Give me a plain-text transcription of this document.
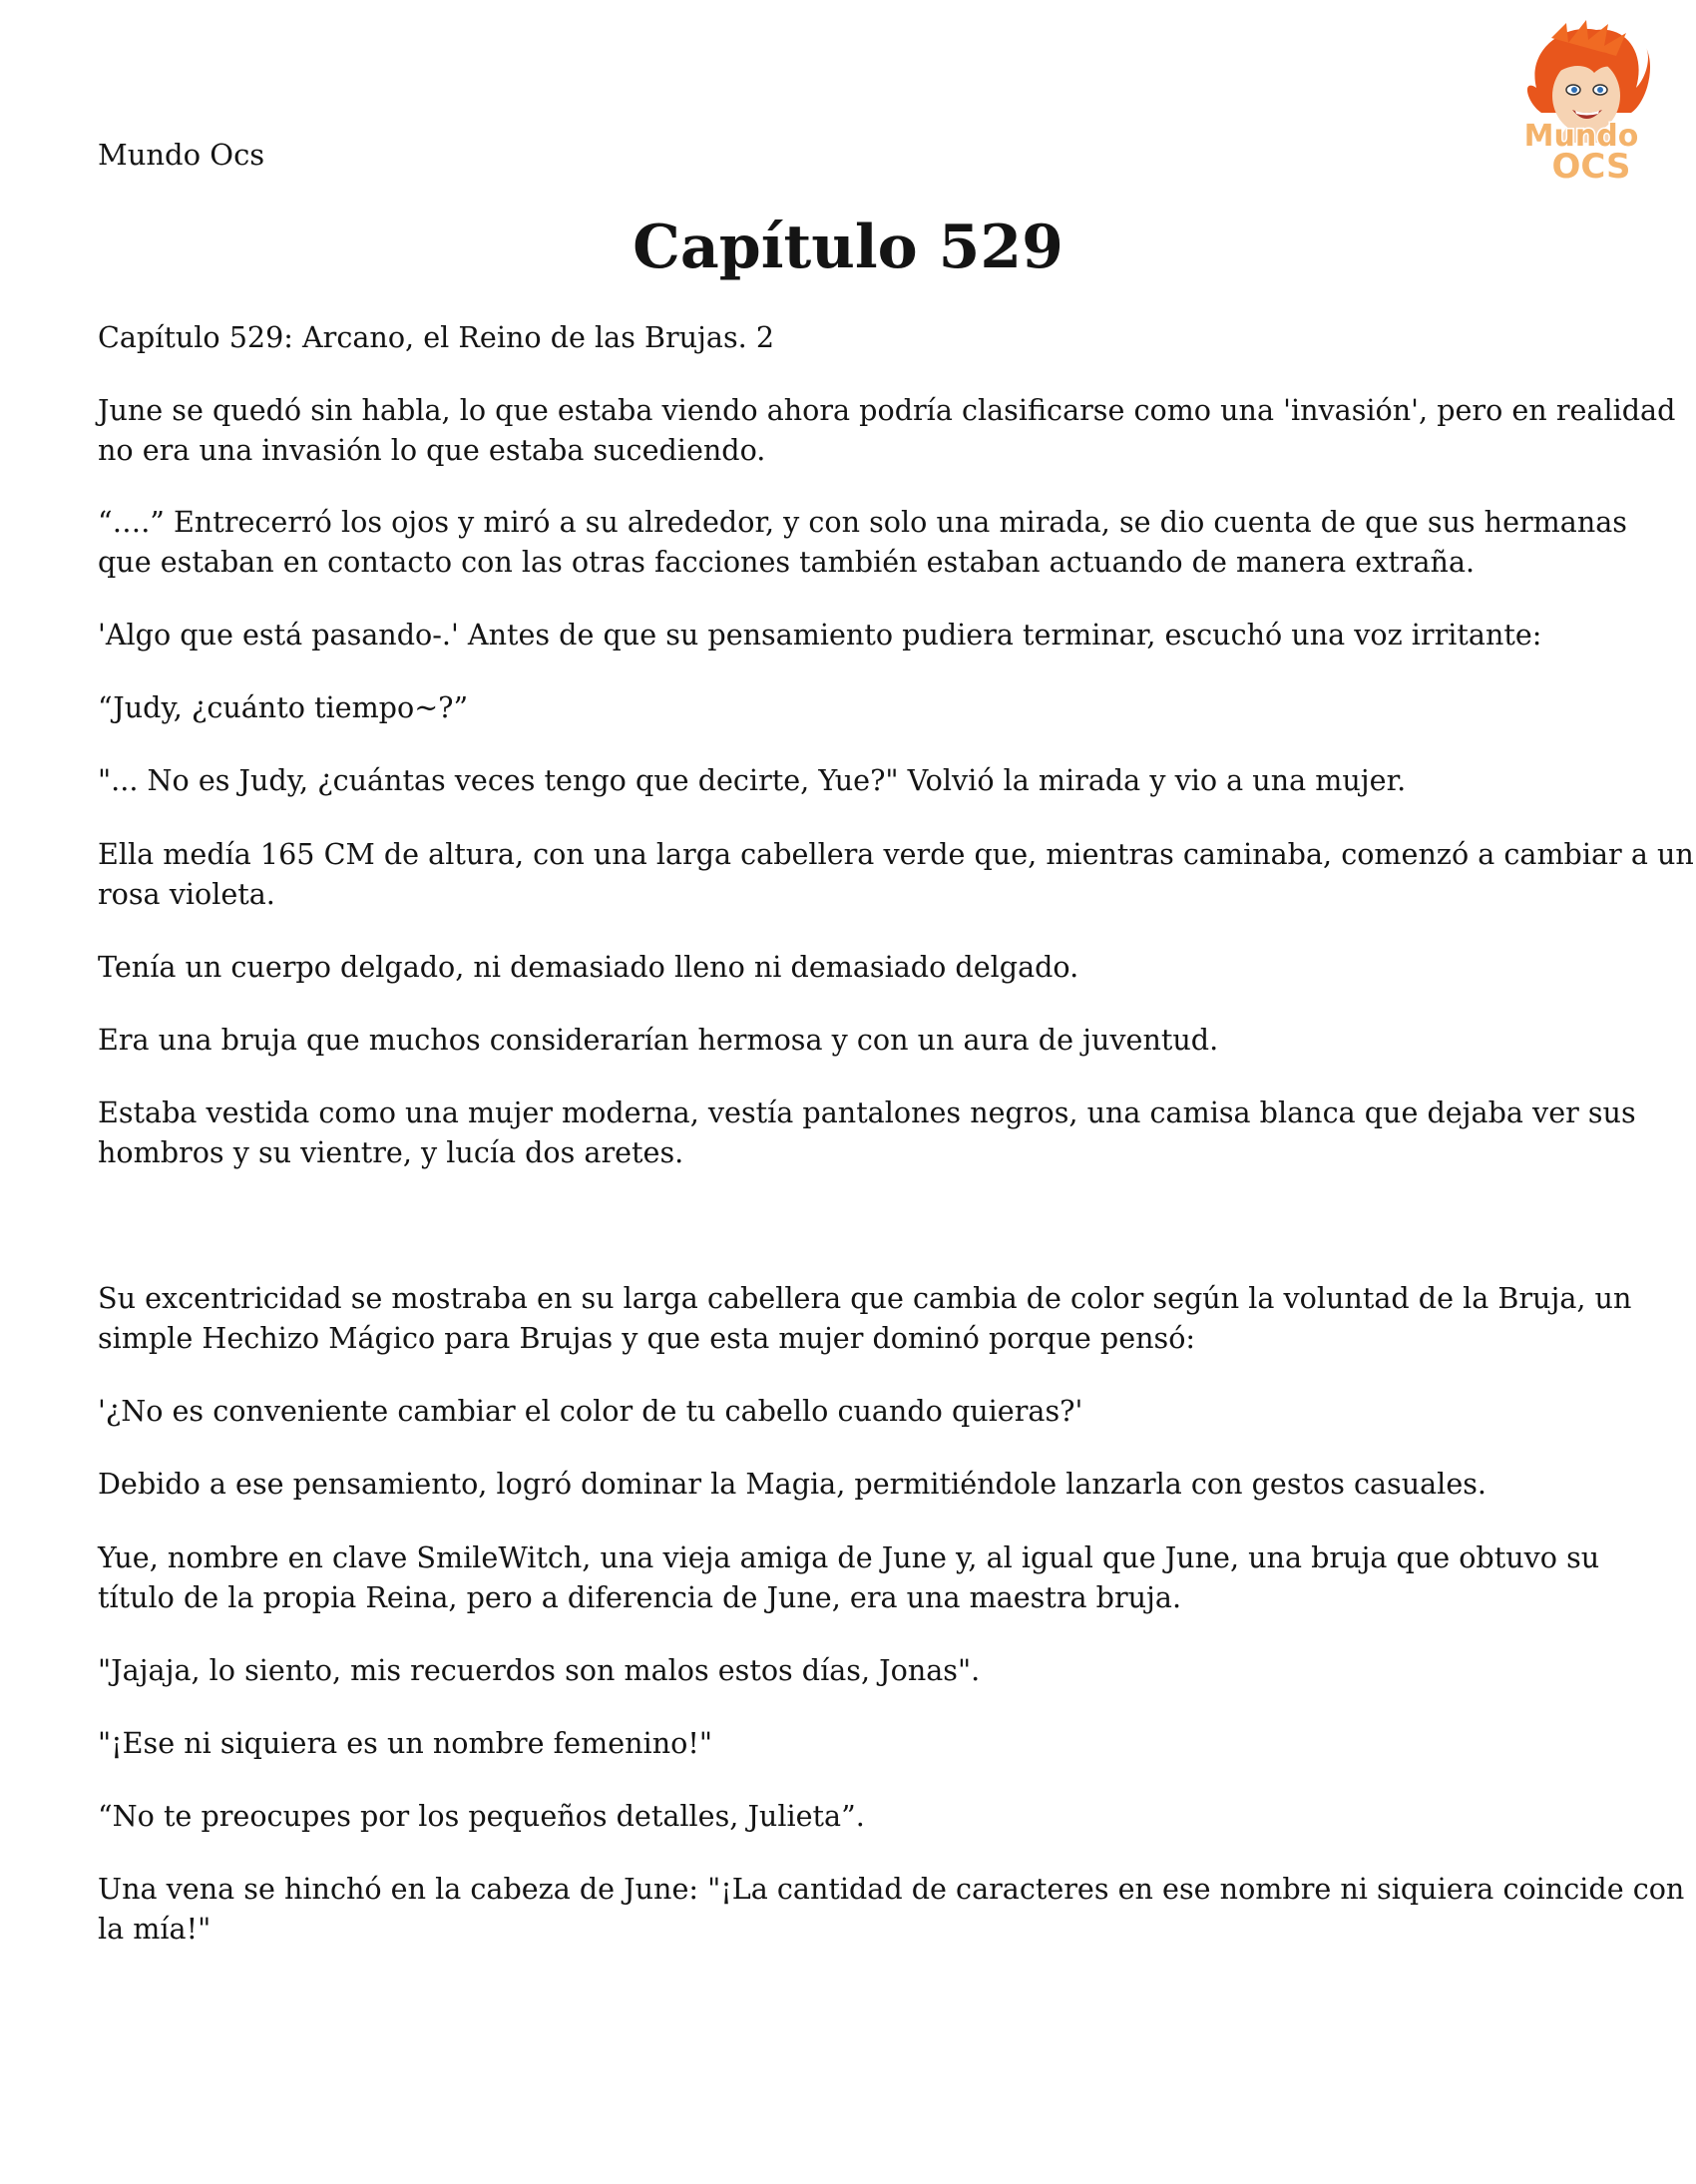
Mundo Ocs
Mundo
OCS
Capítulo 529

Capítulo 529: Arcano, el Reino de las Brujas. 2

June se quedó sin habla, lo que estaba viendo ahora podría clasificarse como una 'invasión', pero en realidad
no era una invasión lo que estaba sucediendo.

“….” Entrecerró los ojos y miró a su alrededor, y con solo una mirada, se dio cuenta de que sus hermanas
que estaban en contacto con las otras facciones también estaban actuando de manera extraña.

'Algo que está pasando-.' Antes de que su pensamiento pudiera terminar, escuchó una voz irritante:

“Judy, ¿cuánto tiempo~?”

"... No es Judy, ¿cuántas veces tengo que decirte, Yue?" Volvió la mirada y vio a una mujer.

Ella medía 165 CM de altura, con una larga cabellera verde que, mientras caminaba, comenzó a cambiar a un
rosa violeta.

Tenía un cuerpo delgado, ni demasiado lleno ni demasiado delgado.

Era una bruja que muchos considerarían hermosa y con un aura de juventud.

Estaba vestida como una mujer moderna, vestía pantalones negros, una camisa blanca que dejaba ver sus
hombros y su vientre, y lucía dos aretes.

Su excentricidad se mostraba en su larga cabellera que cambia de color según la voluntad de la Bruja, un
simple Hechizo Mágico para Brujas y que esta mujer dominó porque pensó:

'¿No es conveniente cambiar el color de tu cabello cuando quieras?'

Debido a ese pensamiento, logró dominar la Magia, permitiéndole lanzarla con gestos casuales.

Yue, nombre en clave SmileWitch, una vieja amiga de June y, al igual que June, una bruja que obtuvo su
título de la propia Reina, pero a diferencia de June, era una maestra bruja.

"Jajaja, lo siento, mis recuerdos son malos estos días, Jonas".

"¡Ese ni siquiera es un nombre femenino!"

“No te preocupes por los pequeños detalles, Julieta”.

Una vena se hinchó en la cabeza de June: "¡La cantidad de caracteres en ese nombre ni siquiera coincide con
la mía!"
